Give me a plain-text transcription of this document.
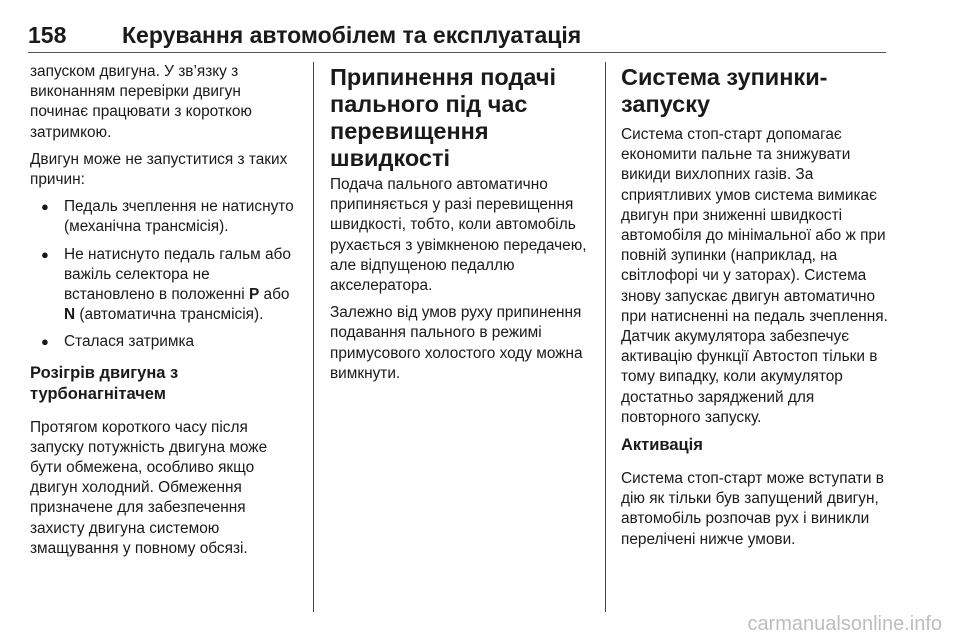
158 Керування автомобілем та експлуатація

запуском двигуна. У зв’язку з виконанням перевірки двигун починає працювати з короткою затримкою.

Двигун може не запуститися з таких причин:

● Педаль зчеплення не натиснуто (механічна трансмісія).
● Не натиснуто педаль гальм або важіль селектора не встановлено в положенні P або N (автоматична трансмісія).
● Сталася затримка
Розігрів двигуна з турбонагнітачем

Протягом короткого часу після запуску потужність двигуна може бути обмежена, особливо якщо двигун холодний. Обмеження призначене для забезпечення захисту двигуна системою змащування у повному обсязі.

Припинення подачі пального під час перевищення швидкості

Подача пального автоматично припиняється у разі перевищення швидкості, тобто, коли автомобіль рухається з увімкненою передачею, але відпущеною педаллю акселератора.

Залежно від умов руху припинення подавання пального в режимі примусового холостого ходу можна вимкнути.

Система зупинки-запуску

Система стоп-старт допомагає економити пальне та знижувати викиди вихлопних газів. За сприятливих умов система вимикає двигун при зниженні швидкості автомобіля до мінімальної або ж при повній зупинки (наприклад, на світлофорі чи у заторах). Система знову запускає двигун автоматично при натисненні на педаль зчеплення. Датчик акумулятора забезпечує активацію функції Автостоп тільки в тому випадку, коли акумулятор достатньо заряджений для повторного запуску.

Активація

Система стоп-старт може вступати в дію як тільки був запущений двигун, автомобіль розпочав рух і виникли перелічені нижче умови.

carmanualsonline.info
